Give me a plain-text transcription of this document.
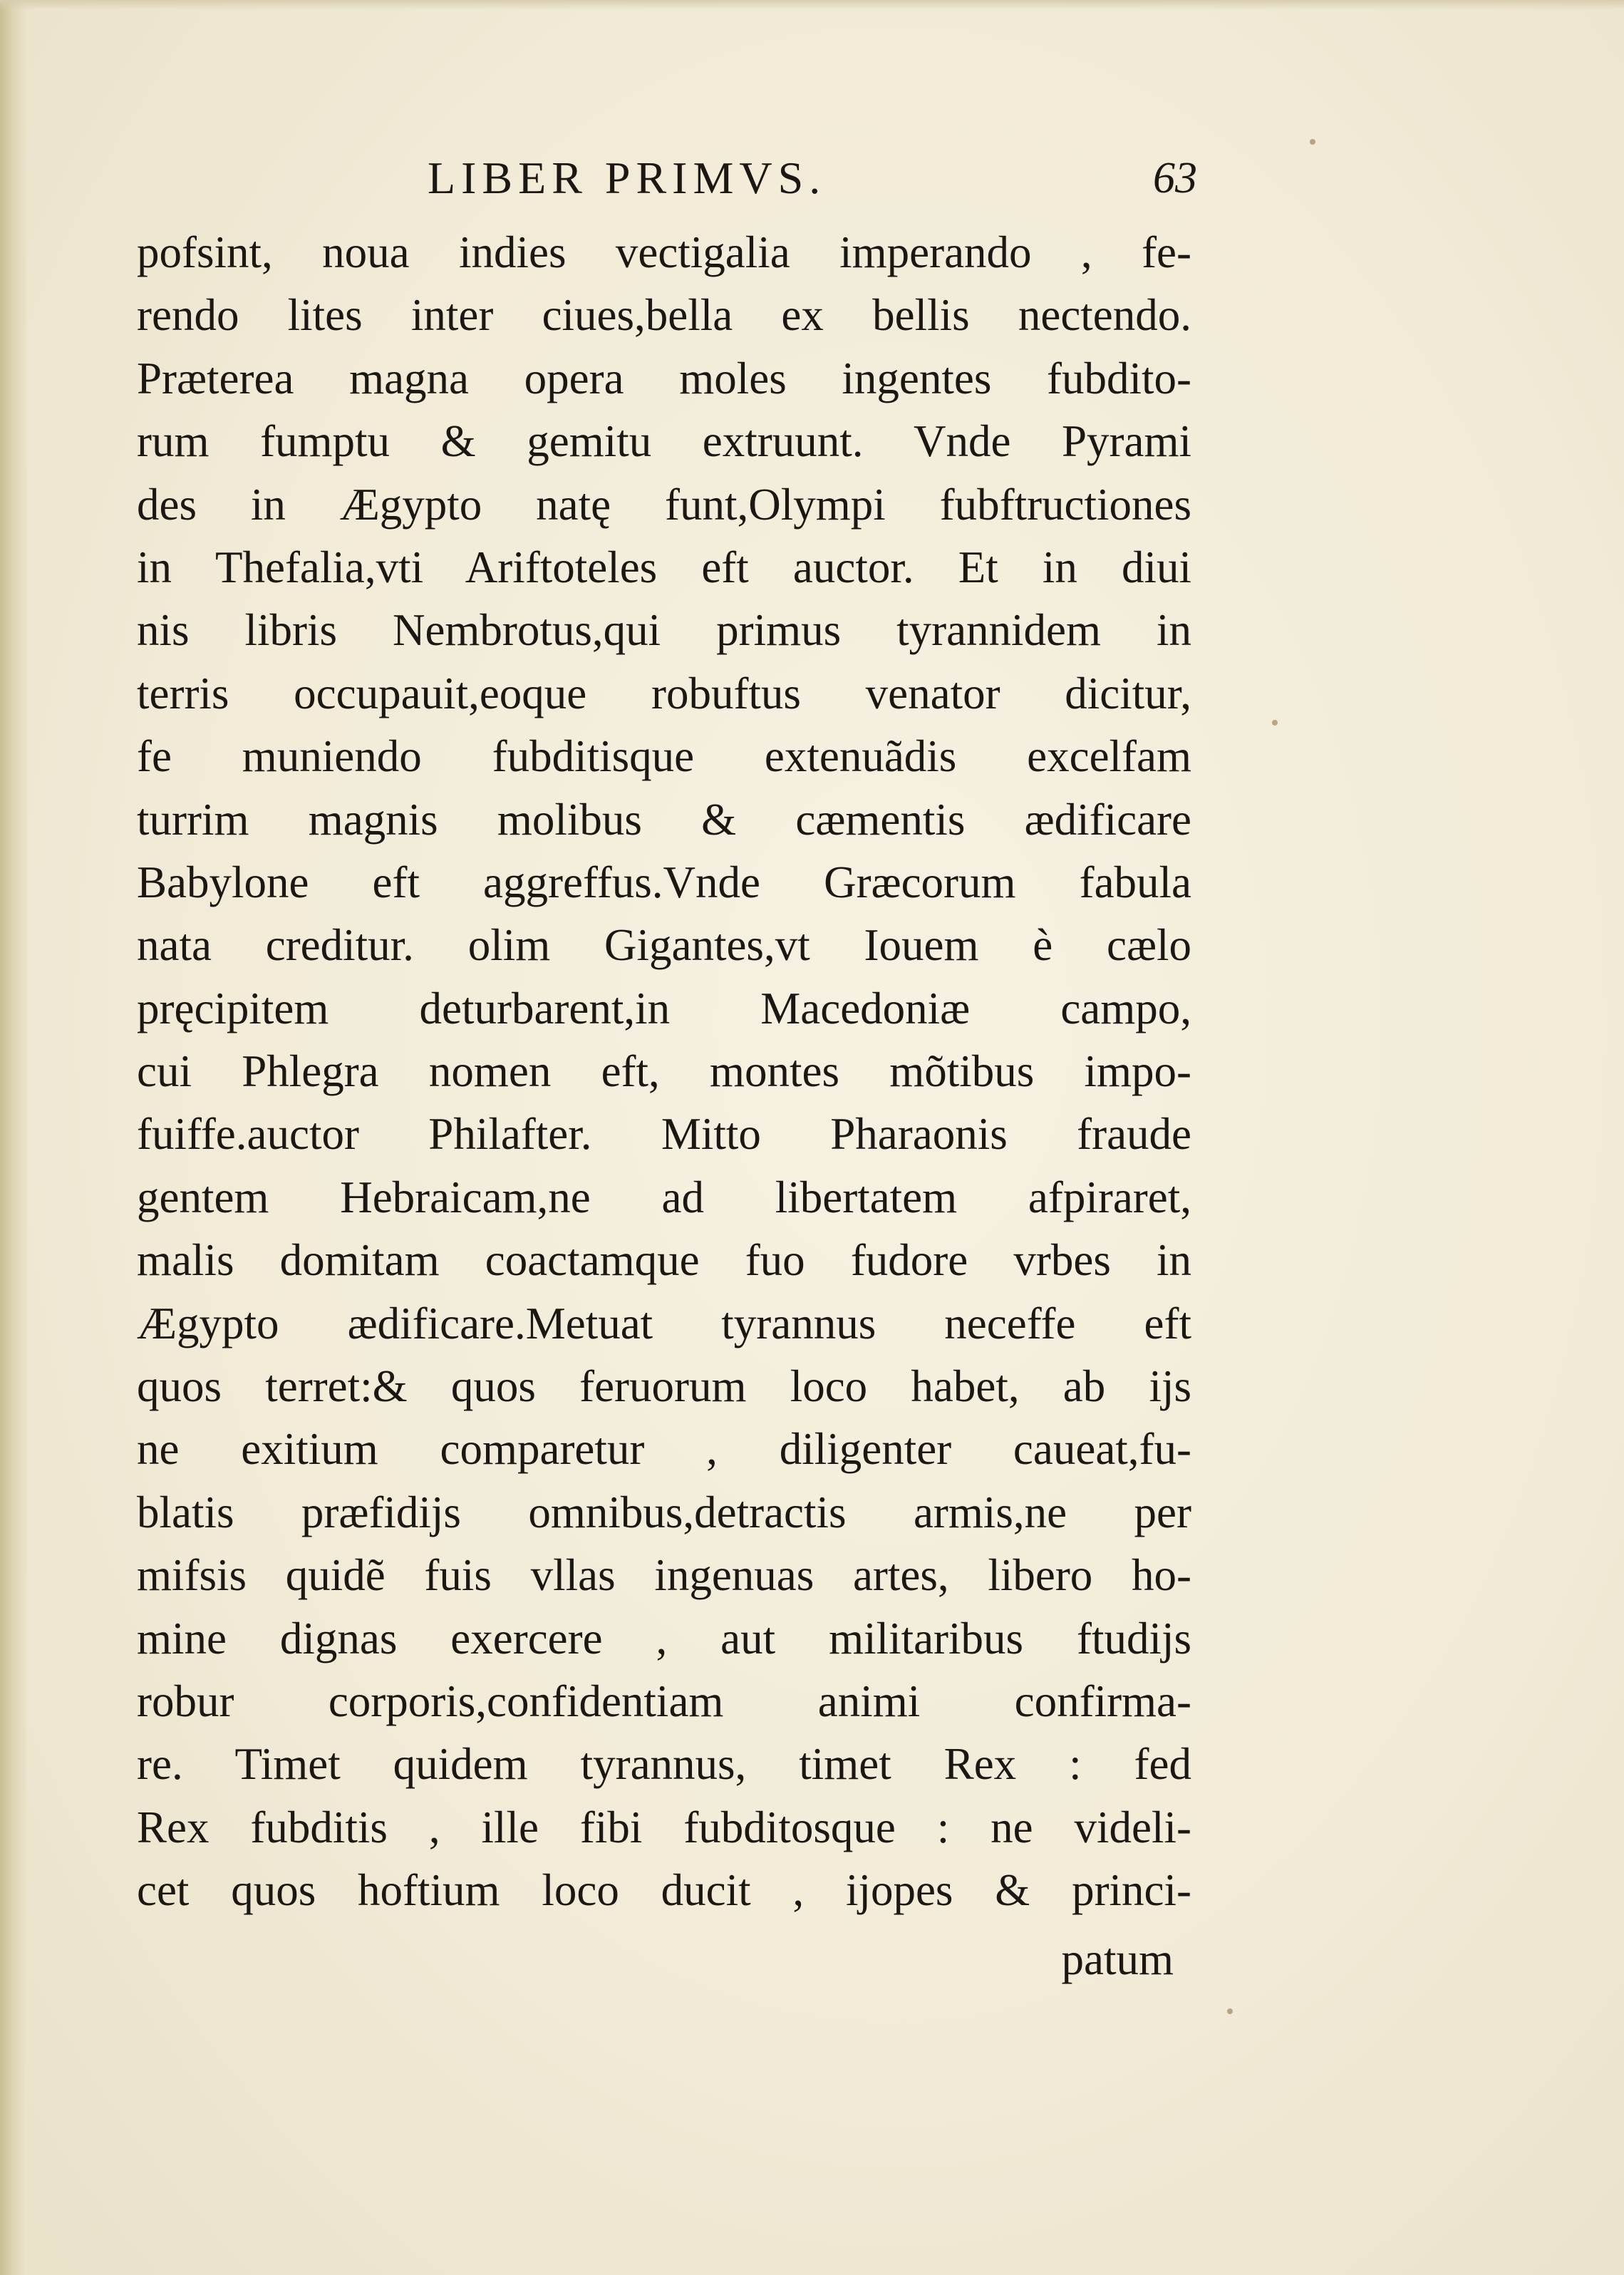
LIBER PRIMVS.	63
pofsint, noua indies vectigalia imperando , fe-
rendo lites inter ciues,bella ex bellis nectendo.
Præterea magna opera moles ingentes fubdito-
rum fumptu & gemitu extruunt. Vnde Pyrami
des in Ægypto natę funt,Olympi fubftructiones
in Thefalia,vti Ariftoteles eft auctor. Et in diui
nis libris Nembrotus,qui primus tyrannidem in
terris occupauit,eoque robuftus venator dicitur,
fe muniendo fubditisque extenuãdis excelfam
turrim magnis molibus & cæmentis ædificare
Babylone eft aggreffus.Vnde Græcorum fabula
nata creditur. olim Gigantes,vt Iouem è cælo
pręcipitem deturbarent,in Macedoniæ campo,
cui Phlegra nomen eft, montes mõtibus impo-
fuiffe.auctor Philafter. Mitto Pharaonis fraude
gentem Hebraicam,ne ad libertatem afpiraret,
malis domitam coactamque fuo fudore vrbes in
Ægypto ædificare.Metuat tyrannus neceffe eft
quos terret:& quos feruorum loco habet, ab ijs
ne exitium comparetur , diligenter caueat,fu-
blatis præfidijs omnibus,detractis armis,ne per
mifsis quidẽ fuis vllas ingenuas artes, libero ho-
mine dignas exercere , aut militaribus ftudijs
robur corporis,confidentiam animi confirma-
re. Timet quidem tyrannus, timet Rex : fed
Rex fubditis , ille fibi fubditosque : ne videli-
cet quos hoftium loco ducit , ijopes & princi-
patum
